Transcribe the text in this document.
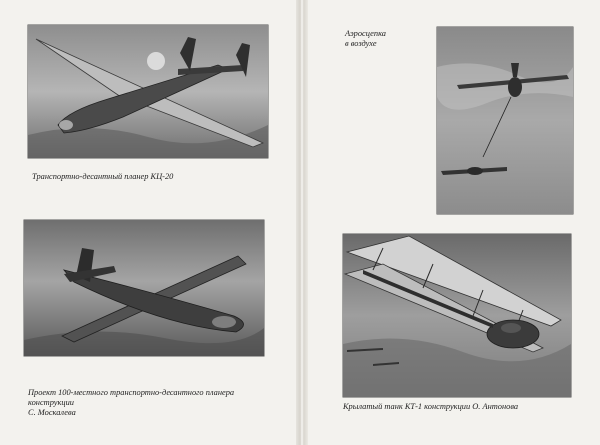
Транспортно-десантный планер КЦ-20

Проект 100-местного транспортно-десантного планера конструкции
С. Москалева

Аэросцепка
в воздухе

Крылатый танк КТ-1 конструкции О. Антонова
